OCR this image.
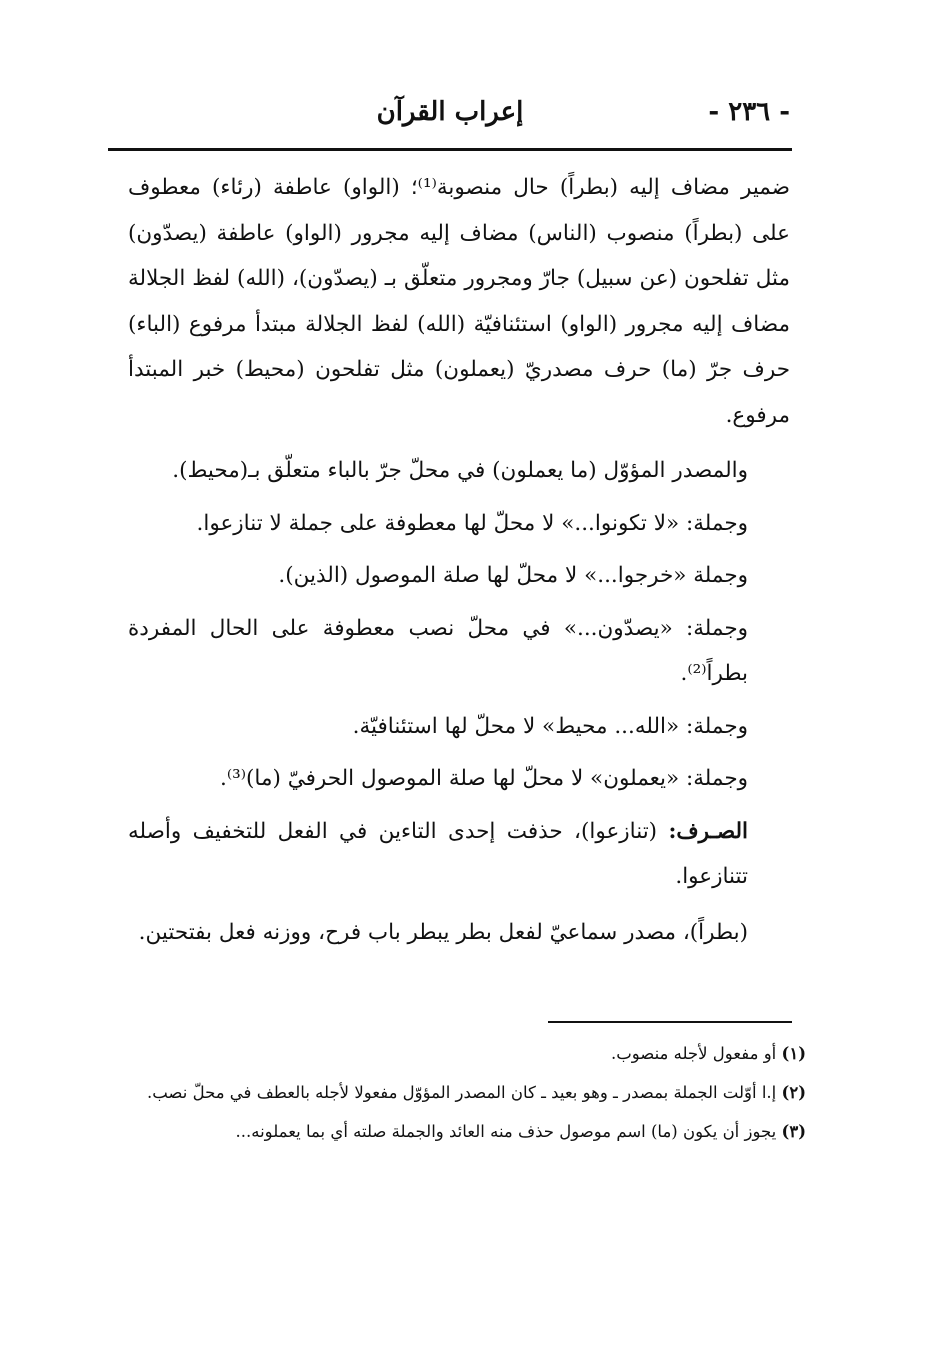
- ٢٣٦ -
إعراب القرآن

ضمير مضاف إليه (بطراً) حال منصوبة⁽¹⁾؛ (الواو) عاطفة (رئاء) معطوف على (بطراً) منصوب (الناس) مضاف إليه مجرور (الواو) عاطفة (يصدّون) مثل تفلحون (عن سبيل) جارّ ومجرور متعلّق بـ (يصدّون)، (الله) لفظ الجلالة مضاف إليه مجرور (الواو) استئنافيّة (الله) لفظ الجلالة مبتدأ مرفوع (الباء) حرف جرّ (ما) حرف مصدريّ (يعملون) مثل تفلحون (محيط) خبر المبتدأ مرفوع.

والمصدر المؤوّل (ما يعملون) في محلّ جرّ بالباء متعلّق بـ(محيط).

وجملة: «لا تكونوا...» لا محلّ لها معطوفة على جملة لا تنازعوا.

وجملة «خرجوا...» لا محلّ لها صلة الموصول (الذين).

وجملة: «يصدّون...» في محلّ نصب معطوفة على الحال المفردة بطراً⁽²⁾.

وجملة: «الله... محيط» لا محلّ لها استئنافيّة.

وجملة: «يعملون» لا محلّ لها صلة الموصول الحرفيّ (ما)⁽³⁾.

الصـرف: (تنازعوا)، حذفت إحدى التاءين في الفعل للتخفيف وأصله تتنازعوا.

(بطراً)، مصدر سماعيّ لفعل بطر يبطر باب فرح، ووزنه فعل بفتحتين.

(١) أو مفعول لأجله منصوب.

(٢) إ.ا أوّلت الجملة بمصدر ـ وهو بعيد ـ كان المصدر المؤوّل مفعولا لأجله بالعطف في محلّ نصب.

(٣) يجوز أن يكون (ما) اسم موصول حذف منه العائد والجملة صلته أي بما يعملونه...
